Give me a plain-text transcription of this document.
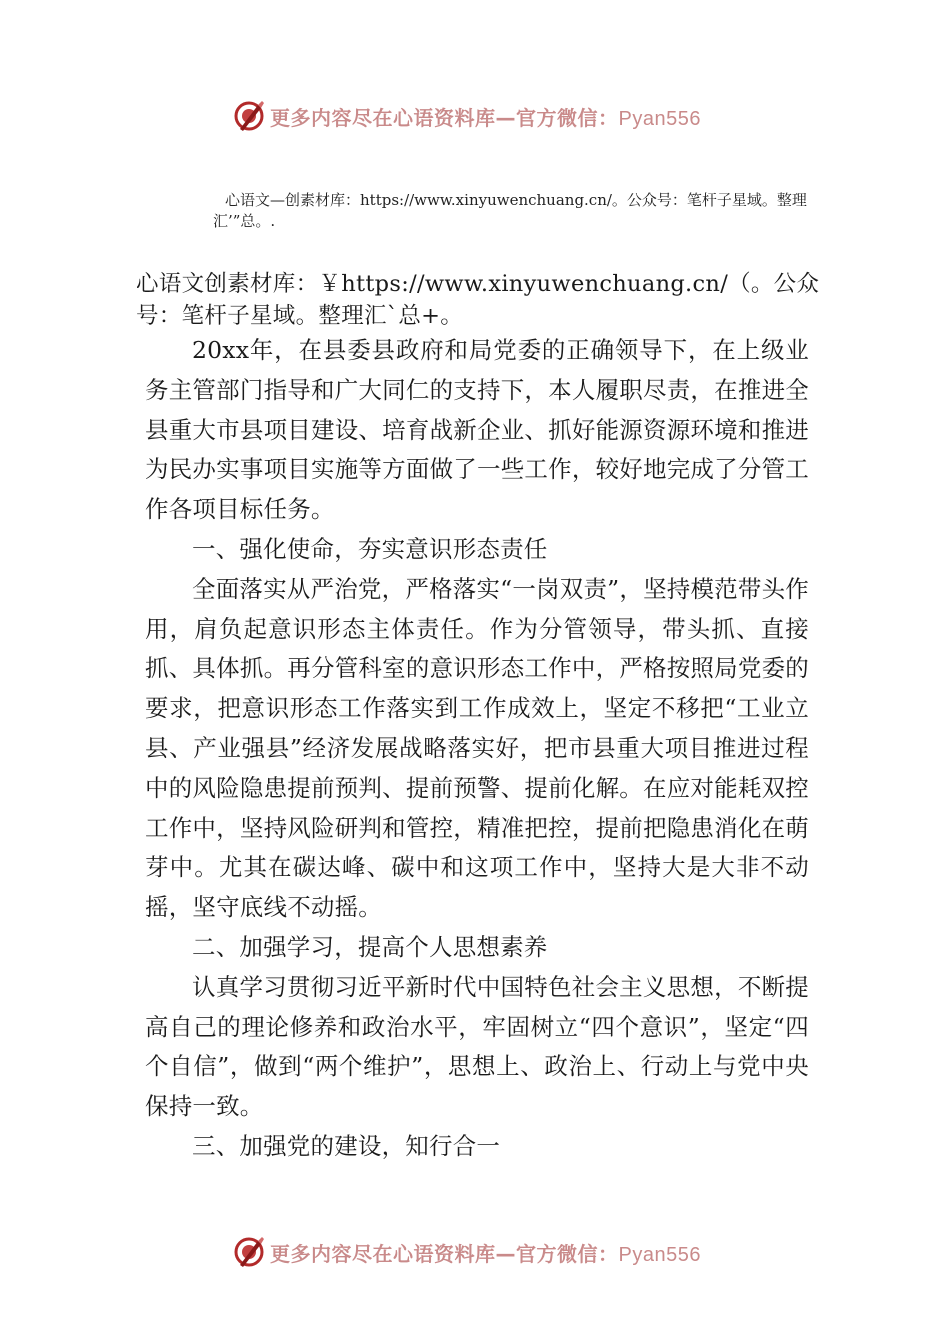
更多内容尽在心语资料库—官方微信：Pyan556
心语文—创素材库：https://www.xinyuwenchuang.cn/。公众号：笔杆子星域。整理汇’”总。.
心语文创素材库：￥https://www.xinyuwenchuang.cn/（。公众号：笔杆子星域。整理汇`总+。

20xx年，在县委县政府和局党委的正确领导下，在上级业务主管部门指导和广大同仁的支持下，本人履职尽责，在推进全县重大市县项目建设、培育战新企业、抓好能源资源环境和推进为民办实事项目实施等方面做了一些工作，较好地完成了分管工作各项目标任务。

一、强化使命，夯实意识形态责任

全面落实从严治党，严格落实“一岗双责”，坚持模范带头作用，肩负起意识形态主体责任。作为分管领导，带头抓、直接抓、具体抓。再分管科室的意识形态工作中，严格按照局党委的要求，把意识形态工作落实到工作成效上，坚定不移把“工业立县、产业强县”经济发展战略落实好，把市县重大项目推进过程中的风险隐患提前预判、提前预警、提前化解。在应对能耗双控工作中，坚持风险研判和管控，精准把控，提前把隐患消化在萌芽中。尤其在碳达峰、碳中和这项工作中，坚持大是大非不动摇，坚守底线不动摇。

二、加强学习，提高个人思想素养

认真学习贯彻习近平新时代中国特色社会主义思想，不断提高自己的理论修养和政治水平，牢固树立“四个意识”，坚定“四个自信”，做到“两个维护”，思想上、政治上、行动上与党中央保持一致。

三、加强党的建设，知行合一

更多内容尽在心语资料库—官方微信：Pyan556
